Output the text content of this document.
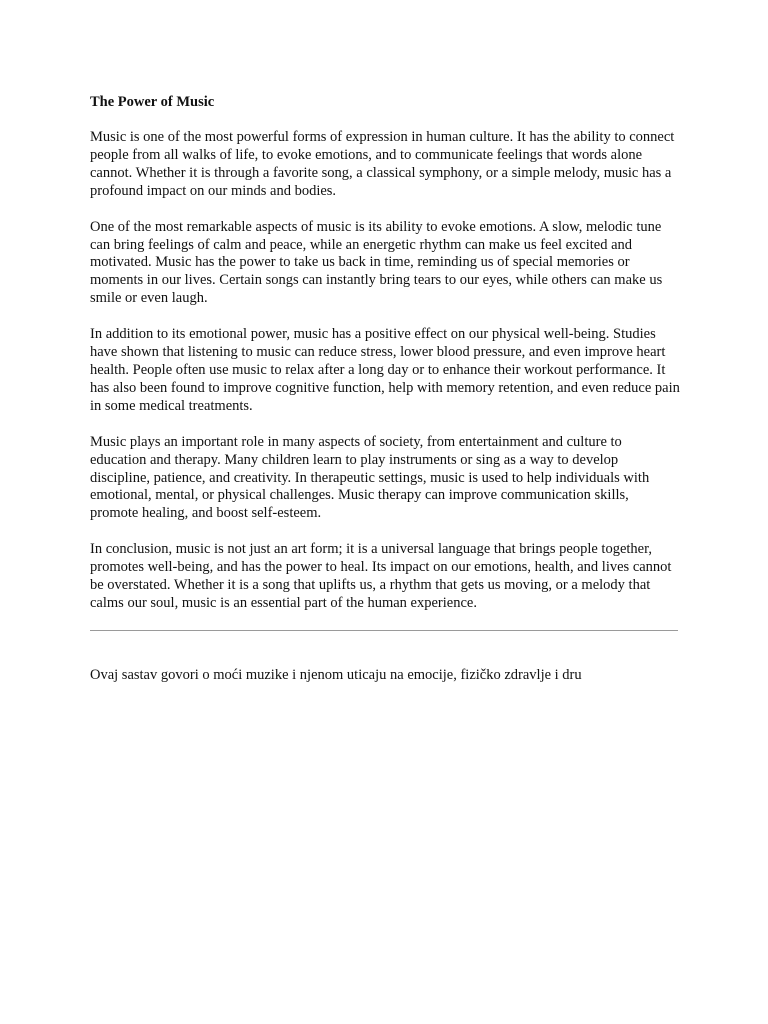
The Power of Music

Music is one of the most powerful forms of expression in human culture. It has the ability to connect people from all walks of life, to evoke emotions, and to communicate feelings that words alone cannot. Whether it is through a favorite song, a classical symphony, or a simple melody, music has a profound impact on our minds and bodies.

One of the most remarkable aspects of music is its ability to evoke emotions. A slow, melodic tune can bring feelings of calm and peace, while an energetic rhythm can make us feel excited and motivated. Music has the power to take us back in time, reminding us of special memories or moments in our lives. Certain songs can instantly bring tears to our eyes, while others can make us smile or even laugh.

In addition to its emotional power, music has a positive effect on our physical well-being. Studies have shown that listening to music can reduce stress, lower blood pressure, and even improve heart health. People often use music to relax after a long day or to enhance their workout performance. It has also been found to improve cognitive function, help with memory retention, and even reduce pain in some medical treatments.

Music plays an important role in many aspects of society, from entertainment and culture to education and therapy. Many children learn to play instruments or sing as a way to develop discipline, patience, and creativity. In therapeutic settings, music is used to help individuals with emotional, mental, or physical challenges. Music therapy can improve communication skills, promote healing, and boost self-esteem.

In conclusion, music is not just an art form; it is a universal language that brings people together, promotes well-being, and has the power to heal. Its impact on our emotions, health, and lives cannot be overstated. Whether it is a song that uplifts us, a rhythm that gets us moving, or a melody that calms our soul, music is an essential part of the human experience.

Ovaj sastav govori o moći muzike i njenom uticaju na emocije, fizičko zdravlje i dru
